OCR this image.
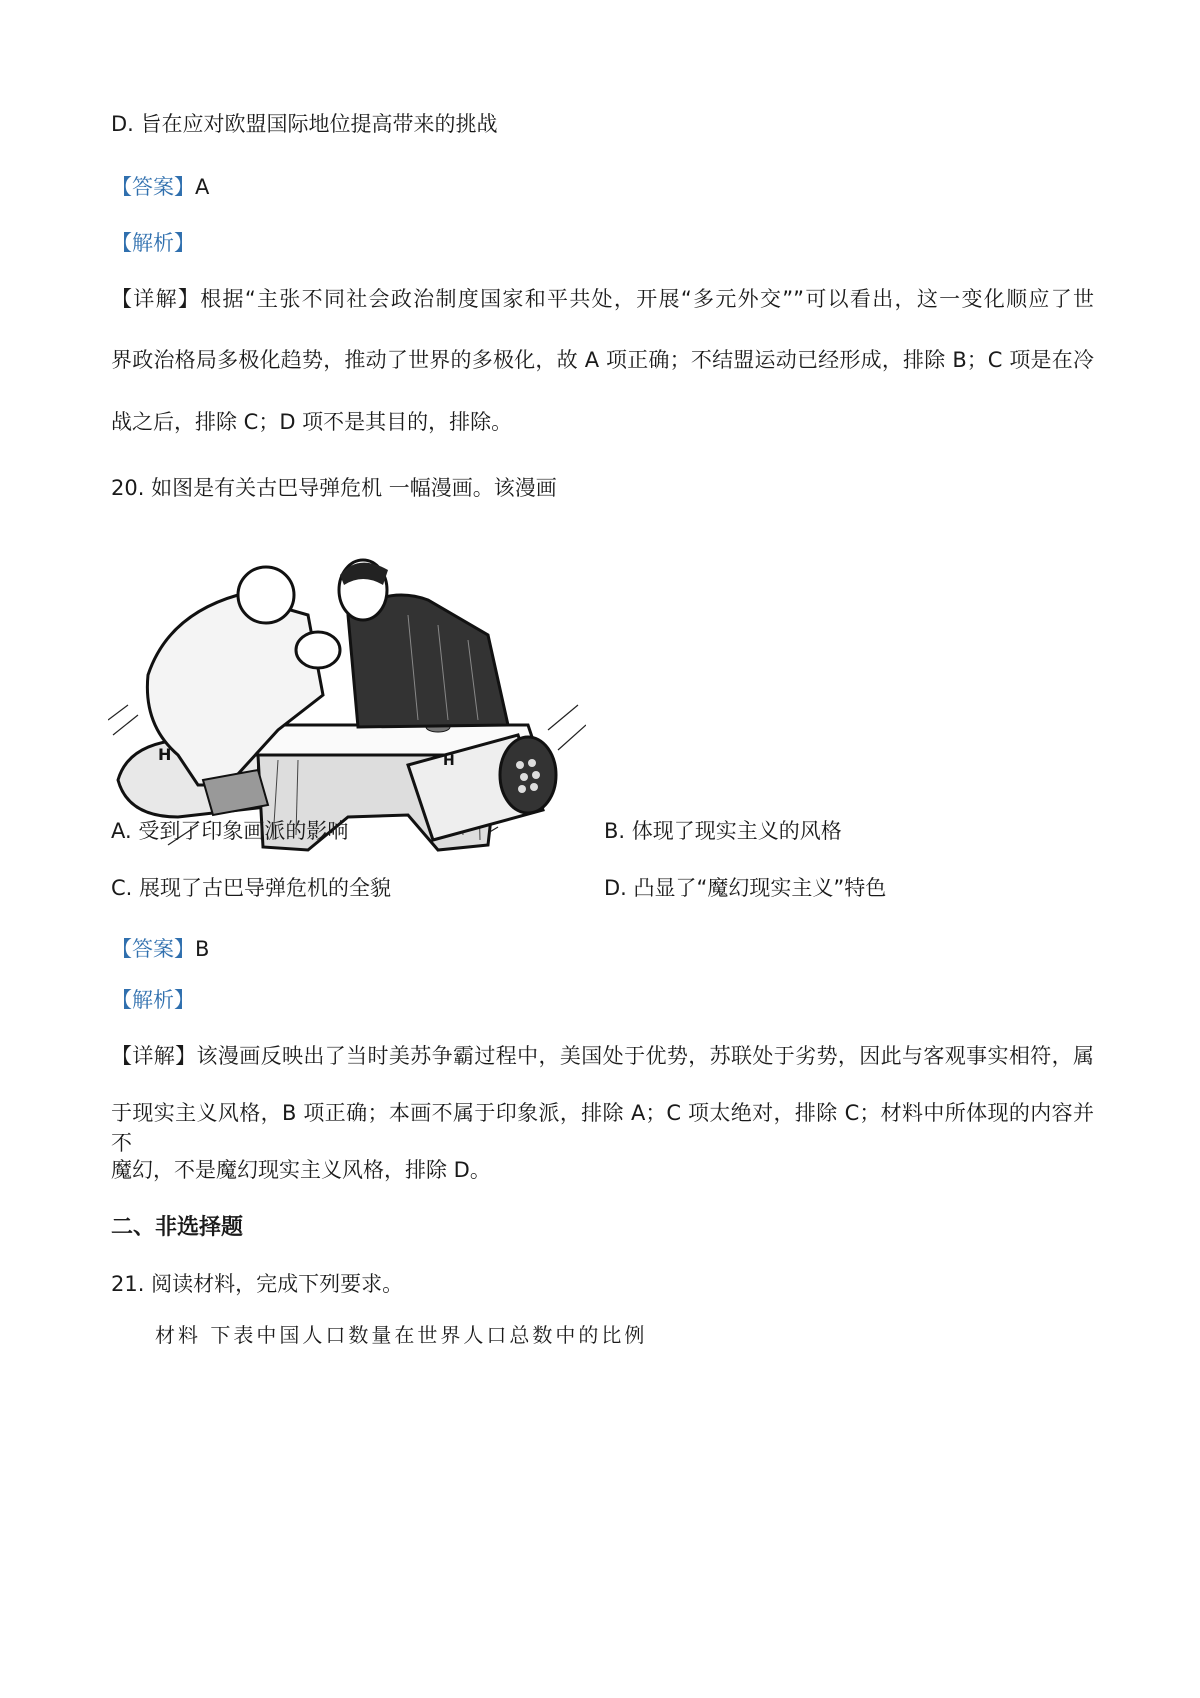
D. 旨在应对欧盟国际地位提高带来的挑战
【答案】A
【解析】
【详解】根据“主张不同社会政治制度国家和平共处，开展“多元外交””可以看出，这一变化顺应了世
界政治格局多极化趋势，推动了世界的多极化，故 A 项正确；不结盟运动已经形成，排除 B；C 项是在冷
战之后，排除 C；D 项不是其目的，排除。
20. 如图是有关古巴导弹危机 一幅漫画。该漫画
H	H
A. 受到了印象画派的影响	B. 体现了现实主义的风格
C. 展现了古巴导弹危机的全貌	D. 凸显了“魔幻现实主义”特色
【答案】B
【解析】
【详解】该漫画反映出了当时美苏争霸过程中，美国处于优势，苏联处于劣势，因此与客观事实相符，属
于现实主义风格，B 项正确；本画不属于印象派，排除 A；C 项太绝对，排除 C；材料中所体现的内容并不
魔幻，不是魔幻现实主义风格，排除 D。
二、非选择题
21. 阅读材料，完成下列要求。
材料 下表中国人口数量在世界人口总数中的比例
